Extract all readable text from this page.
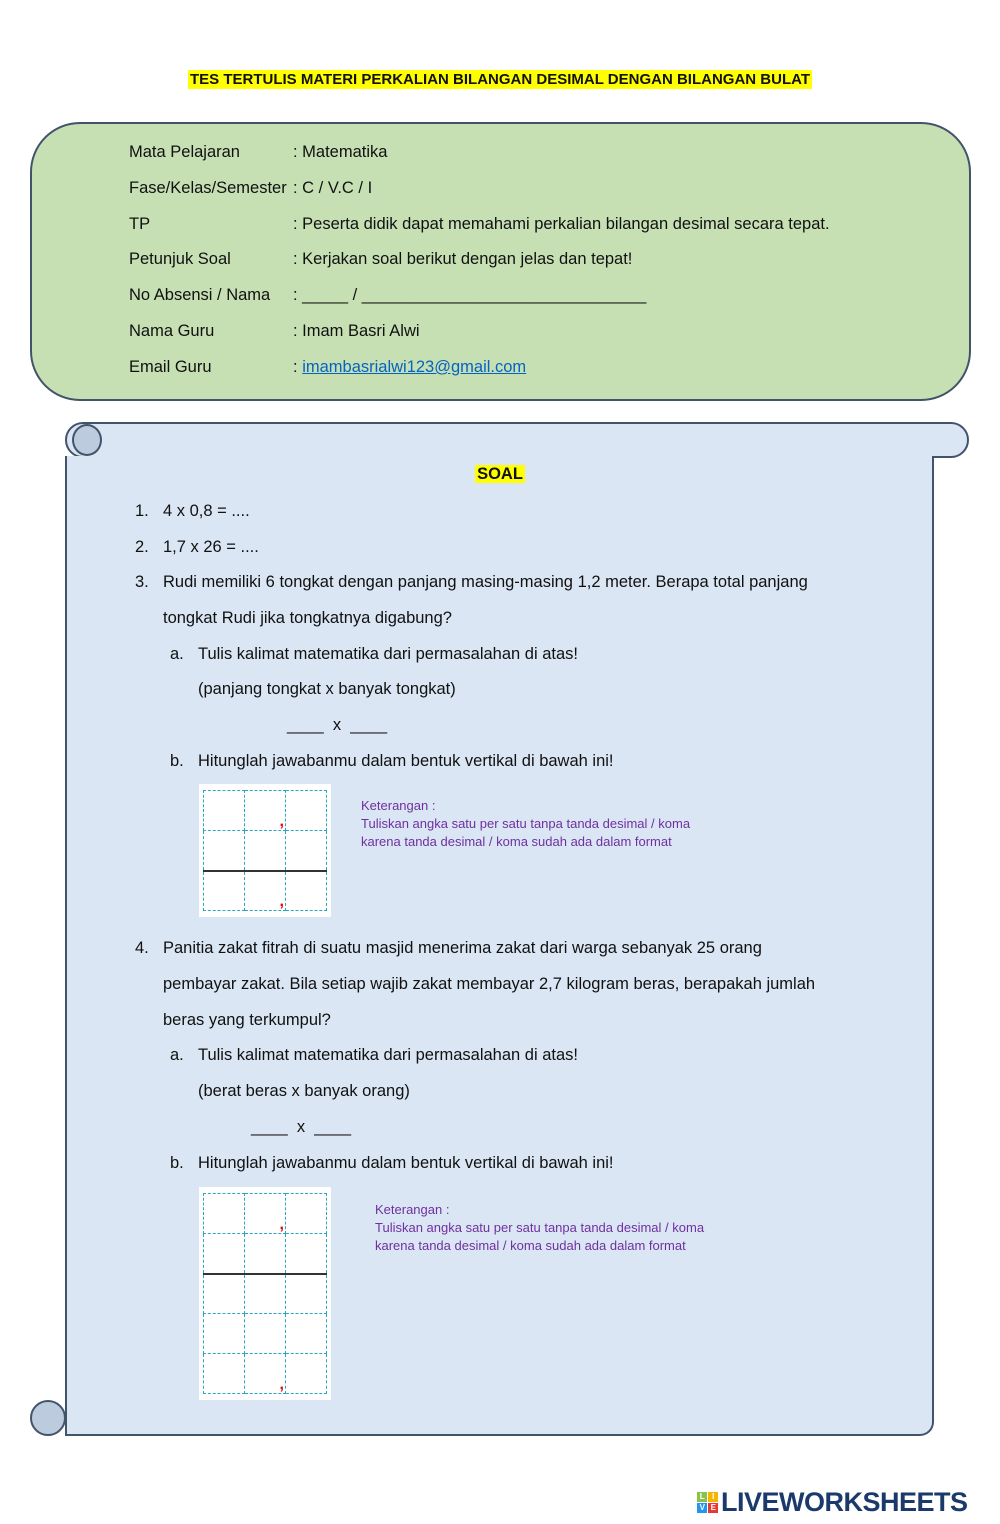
TES TERTULIS MATERI PERKALIAN BILANGAN DESIMAL DENGAN BILANGAN BULAT
Mata Pelajaran	: Matematika
Fase/Kelas/Semester : C / V.C / I
TP	: Peserta didik dapat memahami perkalian bilangan desimal secara tepat.
Petunjuk Soal	: Kerjakan soal berikut dengan jelas dan tepat!
No Absensi / Nama : _____ / _______________________________
Nama Guru	: Imam Basri Alwi
Email Guru	: imambasrialwi123@gmail.com
SOAL
1. 4 x 0,8 = ....
2. 1,7 x 26 = ....
3. Rudi memiliki 6 tongkat dengan panjang masing-masing 1,2 meter. Berapa total panjang
tongkat Rudi jika tongkatnya digabung?
a. Tulis kalimat matematika dari permasalahan di atas!
(panjang tongkat x banyak tongkat)
____  x  ____
b. Hitunglah jawabanmu dalam bentuk vertikal di bawah ini!

	,	

	,	

Keterangan :
Tuliskan angka satu per satu tanpa tanda desimal / koma
karena tanda desimal / koma sudah ada dalam format
4. Panitia zakat fitrah di suatu masjid menerima zakat dari warga sebanyak 25 orang
pembayar zakat. Bila setiap wajib zakat membayar 2,7 kilogram beras, berapakah jumlah
beras yang terkumpul?
a. Tulis kalimat matematika dari permasalahan di atas!
(berat beras x banyak orang)
____  x  ____
b. Hitunglah jawabanmu dalam bentuk vertikal di bawah ini!

	,	

	,	

Keterangan :
Tuliskan angka satu per satu tanpa tanda desimal / koma
karena tanda desimal / koma sudah ada dalam format
L I
V E LIVEWORKSHEETS
